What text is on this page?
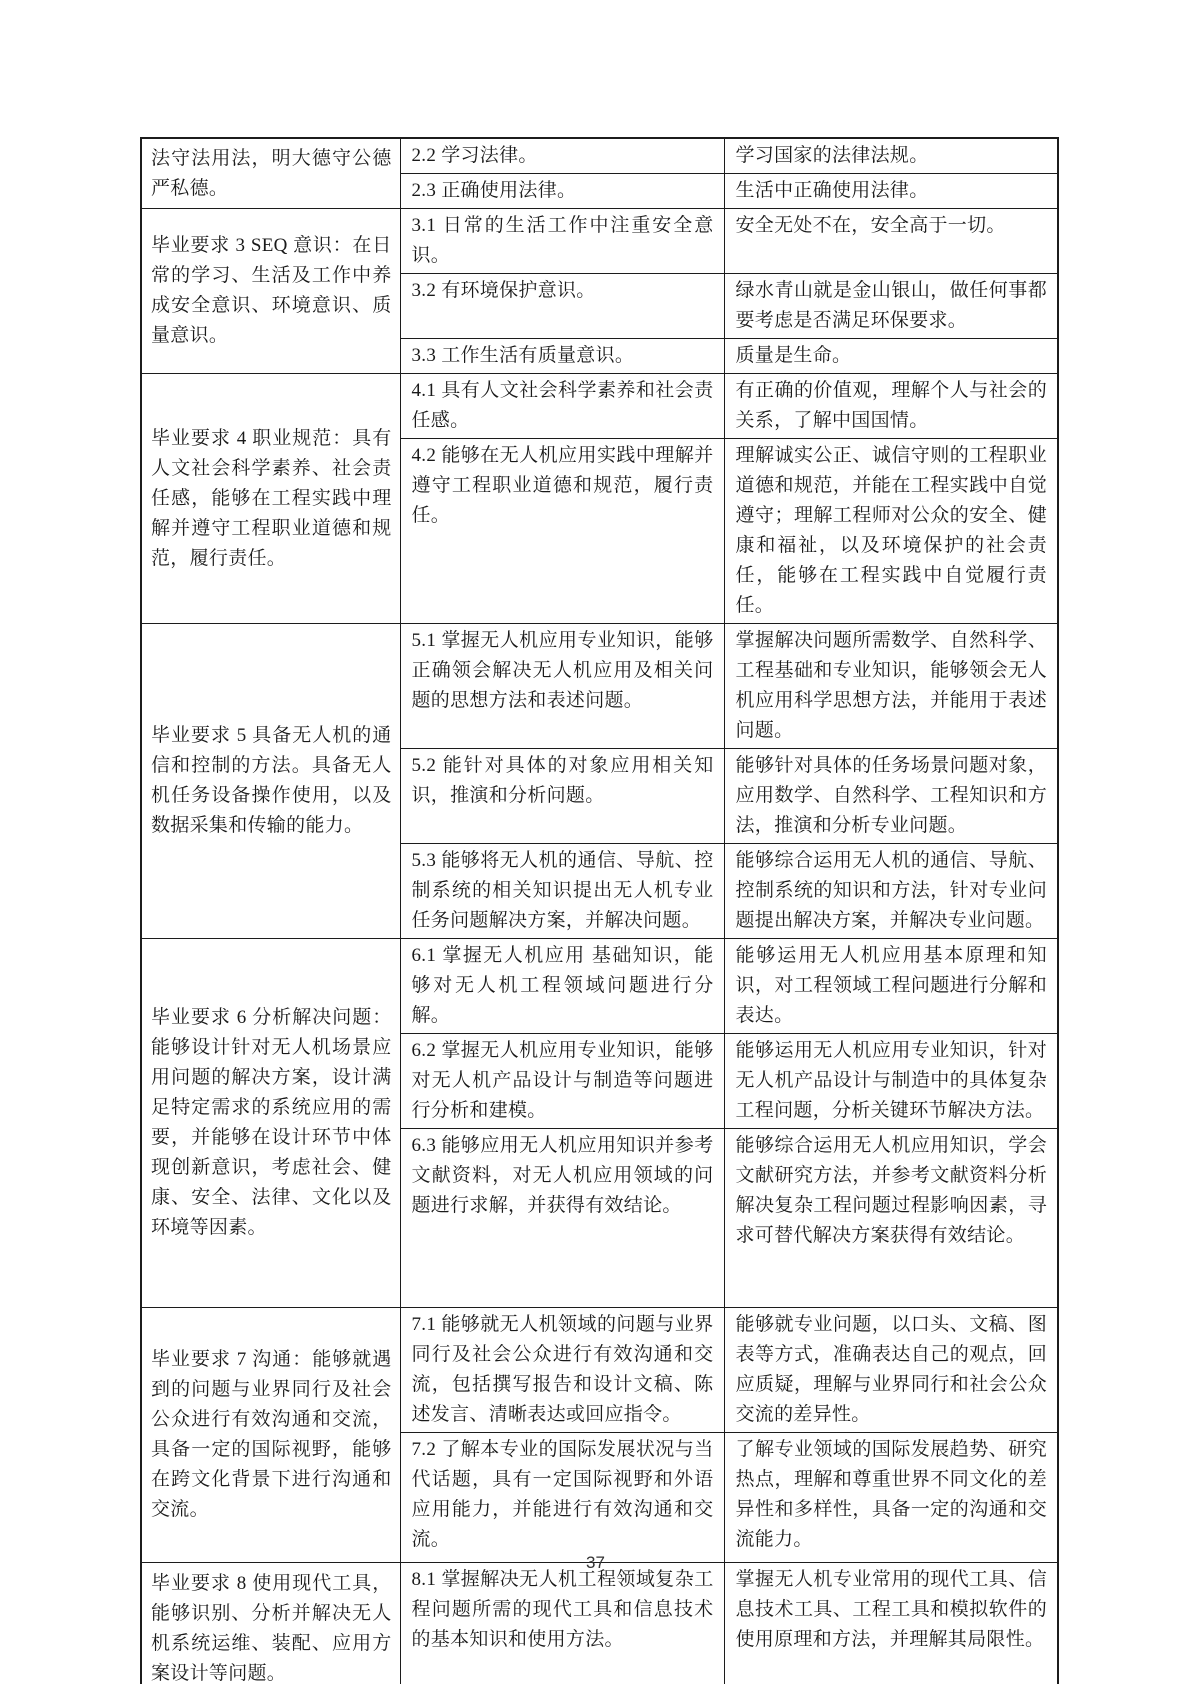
法守法用法，明大德守公德严私德。	2.2 学习法律。	学习国家的法律法规。
	2.3 正确使用法律。	生活中正确使用法律。
毕业要求 3 SEQ 意识：在日常的学习、生活及工作中养成安全意识、环境意识、质量意识。	3.1 日常的生活工作中注重安全意识。	安全无处不在，安全高于一切。
	3.2 有环境保护意识。	绿水青山就是金山银山，做任何事都要考虑是否满足环保要求。
	3.3 工作生活有质量意识。	质量是生命。
毕业要求 4 职业规范：具有人文社会科学素养、社会责任感，能够在工程实践中理解并遵守工程职业道德和规范，履行责任。	4.1 具有人文社会科学素养和社会责任感。	有正确的价值观，理解个人与社会的关系，了解中国国情。
	4.2 能够在无人机应用实践中理解并遵守工程职业道德和规范，履行责任。	理解诚实公正、诚信守则的工程职业道德和规范，并能在工程实践中自觉遵守；理解工程师对公众的安全、健康和福祉，以及环境保护的社会责任，能够在工程实践中自觉履行责任。
毕业要求 5 具备无人机的通信和控制的方法。具备无人机任务设备操作使用，以及数据采集和传输的能力。	5.1 掌握无人机应用专业知识，能够正确领会解决无人机应用及相关问题的思想方法和表述问题。	掌握解决问题所需数学、自然科学、工程基础和专业知识，能够领会无人机应用科学思想方法，并能用于表述问题。
	5.2 能针对具体的对象应用相关知识，推演和分析问题。	能够针对具体的任务场景问题对象，应用数学、自然科学、工程知识和方法，推演和分析专业问题。
	5.3 能够将无人机的通信、导航、控制系统的相关知识提出无人机专业任务问题解决方案，并解决问题。	能够综合运用无人机的通信、导航、控制系统的知识和方法，针对专业问题提出解决方案，并解决专业问题。
毕业要求 6 分析解决问题：能够设计针对无人机场景应用问题的解决方案，设计满足特定需求的系统应用的需要，并能够在设计环节中体现创新意识，考虑社会、健康、安全、法律、文化以及环境等因素。	6.1 掌握无人机应用 基础知识，能够对无人机工程领域问题进行分解。	能够运用无人机应用基本原理和知识，对工程领域工程问题进行分解和表达。
	6.2 掌握无人机应用专业知识，能够对无人机产品设计与制造等问题进行分析和建模。	能够运用无人机应用专业知识，针对无人机产品设计与制造中的具体复杂工程问题，分析关键环节解决方法。
	6.3 能够应用无人机应用知识并参考文献资料，对无人机应用领域的问题进行求解，并获得有效结论。	能够综合运用无人机应用知识，学会文献研究方法，并参考文献资料分析解决复杂工程问题过程影响因素，寻求可替代解决方案获得有效结论。
毕业要求 7 沟通：能够就遇到的问题与业界同行及社会公众进行有效沟通和交流，具备一定的国际视野，能够在跨文化背景下进行沟通和交流。	7.1 能够就无人机领域的问题与业界同行及社会公众进行有效沟通和交流，包括撰写报告和设计文稿、陈述发言、清晰表达或回应指令。	能够就专业问题，以口头、文稿、图表等方式，准确表达自己的观点，回应质疑，理解与业界同行和社会公众交流的差异性。
	7.2 了解本专业的国际发展状况与当代话题，具有一定国际视野和外语应用能力，并能进行有效沟通和交流。	了解专业领域的国际发展趋势、研究热点，理解和尊重世界不同文化的差异性和多样性，具备一定的沟通和交流能力。
毕业要求 8 使用现代工具，能够识别、分析并解决无人机系统运维、装配、应用方案设计等问题。	8.1 掌握解决无人机工程领域复杂工程问题所需的现代工具和信息技术的基本知识和使用方法。	掌握无人机专业常用的现代工具、信息技术工具、工程工具和模拟软件的使用原理和方法，并理解其局限性。
37
